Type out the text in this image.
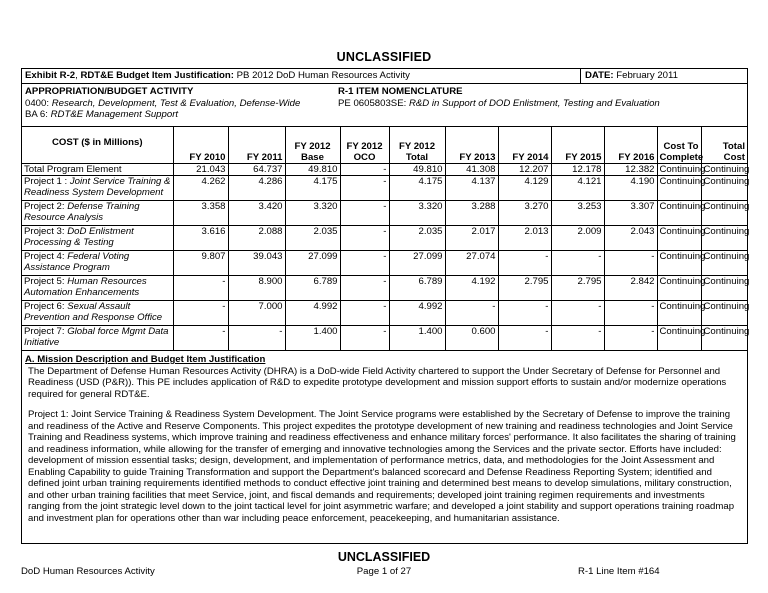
UNCLASSIFIED
Exhibit R-2, RDT&E Budget Item Justification: PB 2012 DoD Human Resources Activity	DATE: February 2011
APPROPRIATION/BUDGET ACTIVITY
0400: Research, Development, Test & Evaluation, Defense-Wide
BA 6: RDT&E Management Support
R-1 ITEM NOMENCLATURE
PE 0605803SE: R&D in Support of DOD Enlistment, Testing and Evaluation
COST ($ in Millions)	FY 2010	FY 2011	FY 2012 Base	FY 2012 OCO	FY 2012 Total	FY 2013	FY 2014	FY 2015	FY 2016	Cost To Complete	Total Cost
Total Program Element	21.043	64.737	49.810	-	49.810	41.308	12.207	12.178	12.382	Continuing	Continuing
Project 1 : Joint Service Training & Readiness System Development	4.262	4.286	4.175	-	4.175	4.137	4.129	4.121	4.190	Continuing	Continuing
Project 2: Defense Training Resource Analysis	3.358	3.420	3.320	-	3.320	3.288	3.270	3.253	3.307	Continuing	Continuing
Project 3: DoD Enlistment Processing & Testing	3.616	2.088	2.035	-	2.035	2.017	2.013	2.009	2.043	Continuing	Continuing
Project 4: Federal Voting Assistance Program	9.807	39.043	27.099	-	27.099	27.074	-	-	-	Continuing	Continuing
Project 5: Human Resources Automation Enhancements	-	8.900	6.789	-	6.789	4.192	2.795	2.795	2.842	Continuing	Continuing
Project 6: Sexual Assault Prevention and Response Office	-	7.000	4.992	-	4.992	-	-	-	-	Continuing	Continuing
Project 7: Global force Mgmt Data Initiative	-	-	1.400	-	1.400	0.600	-	-	-	Continuing	Continuing
A. Mission Description and Budget Item Justification

The Department of Defense Human Resources Activity (DHRA) is a DoD-wide Field Activity chartered to support the Under Secretary of Defense for Personnel and Readiness (USD (P&R)). This PE includes application of R&D to expedite prototype development and mission support efforts to sustain and/or modernize operations required for general RDT&E.

Project 1: Joint Service Training & Readiness System Development. The Joint Service programs were established by the Secretary of Defense to improve the training and readiness of the Active and Reserve Components. This project expedites the prototype development of new training and readiness technologies and Joint Service Training and Readiness systems, which improve training and readiness effectiveness and enhance military forces' performance. It also facilitates the sharing of training and readiness information, while allowing for the transfer of emerging and innovative technologies among the Services and the private sector. Efforts have included: development of mission essential tasks; design, development, and implementation of performance metrics, data, and methodologies for the Joint Assessment and Enabling Capability to guide Training Transformation and support the Department's balanced scorecard and Defense Readiness Reporting System; identified and defined joint urban training requirements identified methods to conduct effective joint training and determined best means to develop simulations, military construction, and other urban training facilities that meet Service, joint, and fiscal demands and requirements; developed joint training regimen requirements and investments ranging from the joint strategic level down to the joint tactical level for joint asymmetric warfare; and developed a joint stability and support operations training roadmap and investment plan for operations other than war including peace enforcement, peacekeeping, and humanitarian assistance.

UNCLASSIFIED
DoD Human Resources Activity	Page 1 of 27	R-1 Line Item #164
